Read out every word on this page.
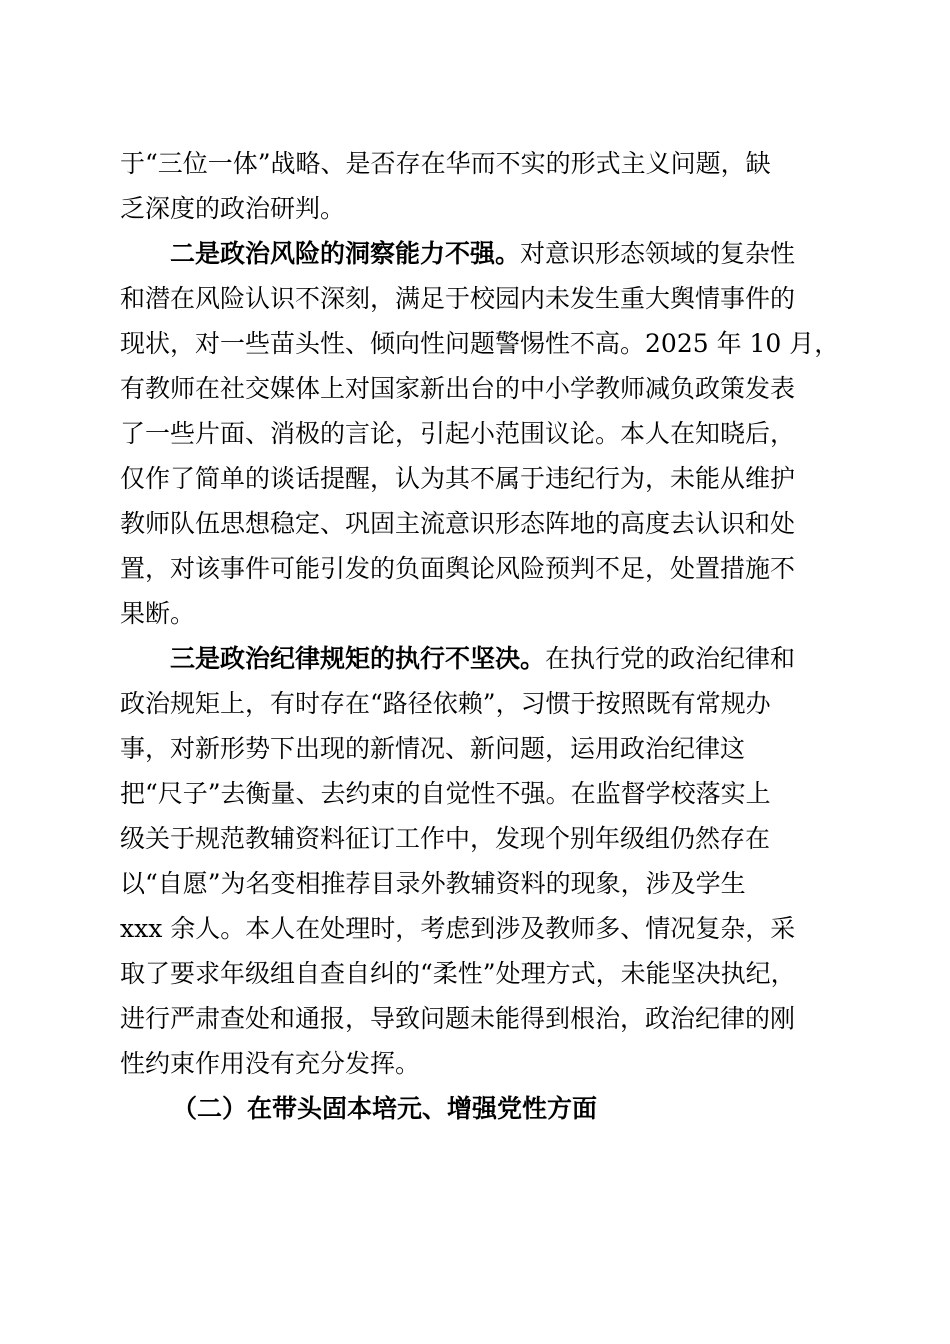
于“三位一体”战略、是否存在华而不实的形式主义问题，缺
乏深度的政治研判。
二是政治风险的洞察能力不强。对意识形态领域的复杂性
和潜在风险认识不深刻，满足于校园内未发生重大舆情事件的
现状，对一些苗头性、倾向性问题警惕性不高。2025 年 10 月，
有教师在社交媒体上对国家新出台的中小学教师减负政策发表
了一些片面、消极的言论，引起小范围议论。本人在知晓后，
仅作了简单的谈话提醒，认为其不属于违纪行为，未能从维护
教师队伍思想稳定、巩固主流意识形态阵地的高度去认识和处
置，对该事件可能引发的负面舆论风险预判不足，处置措施不
果断。
三是政治纪律规矩的执行不坚决。在执行党的政治纪律和
政治规矩上，有时存在“路径依赖”，习惯于按照既有常规办
事，对新形势下出现的新情况、新问题，运用政治纪律这
把“尺子”去衡量、去约束的自觉性不强。在监督学校落实上
级关于规范教辅资料征订工作中，发现个别年级组仍然存在
以“自愿”为名变相推荐目录外教辅资料的现象，涉及学生
xxx 余人。本人在处理时，考虑到涉及教师多、情况复杂，采
取了要求年级组自查自纠的“柔性”处理方式，未能坚决执纪，
进行严肃查处和通报，导致问题未能得到根治，政治纪律的刚
性约束作用没有充分发挥。
（二）在带头固本培元、增强党性方面
